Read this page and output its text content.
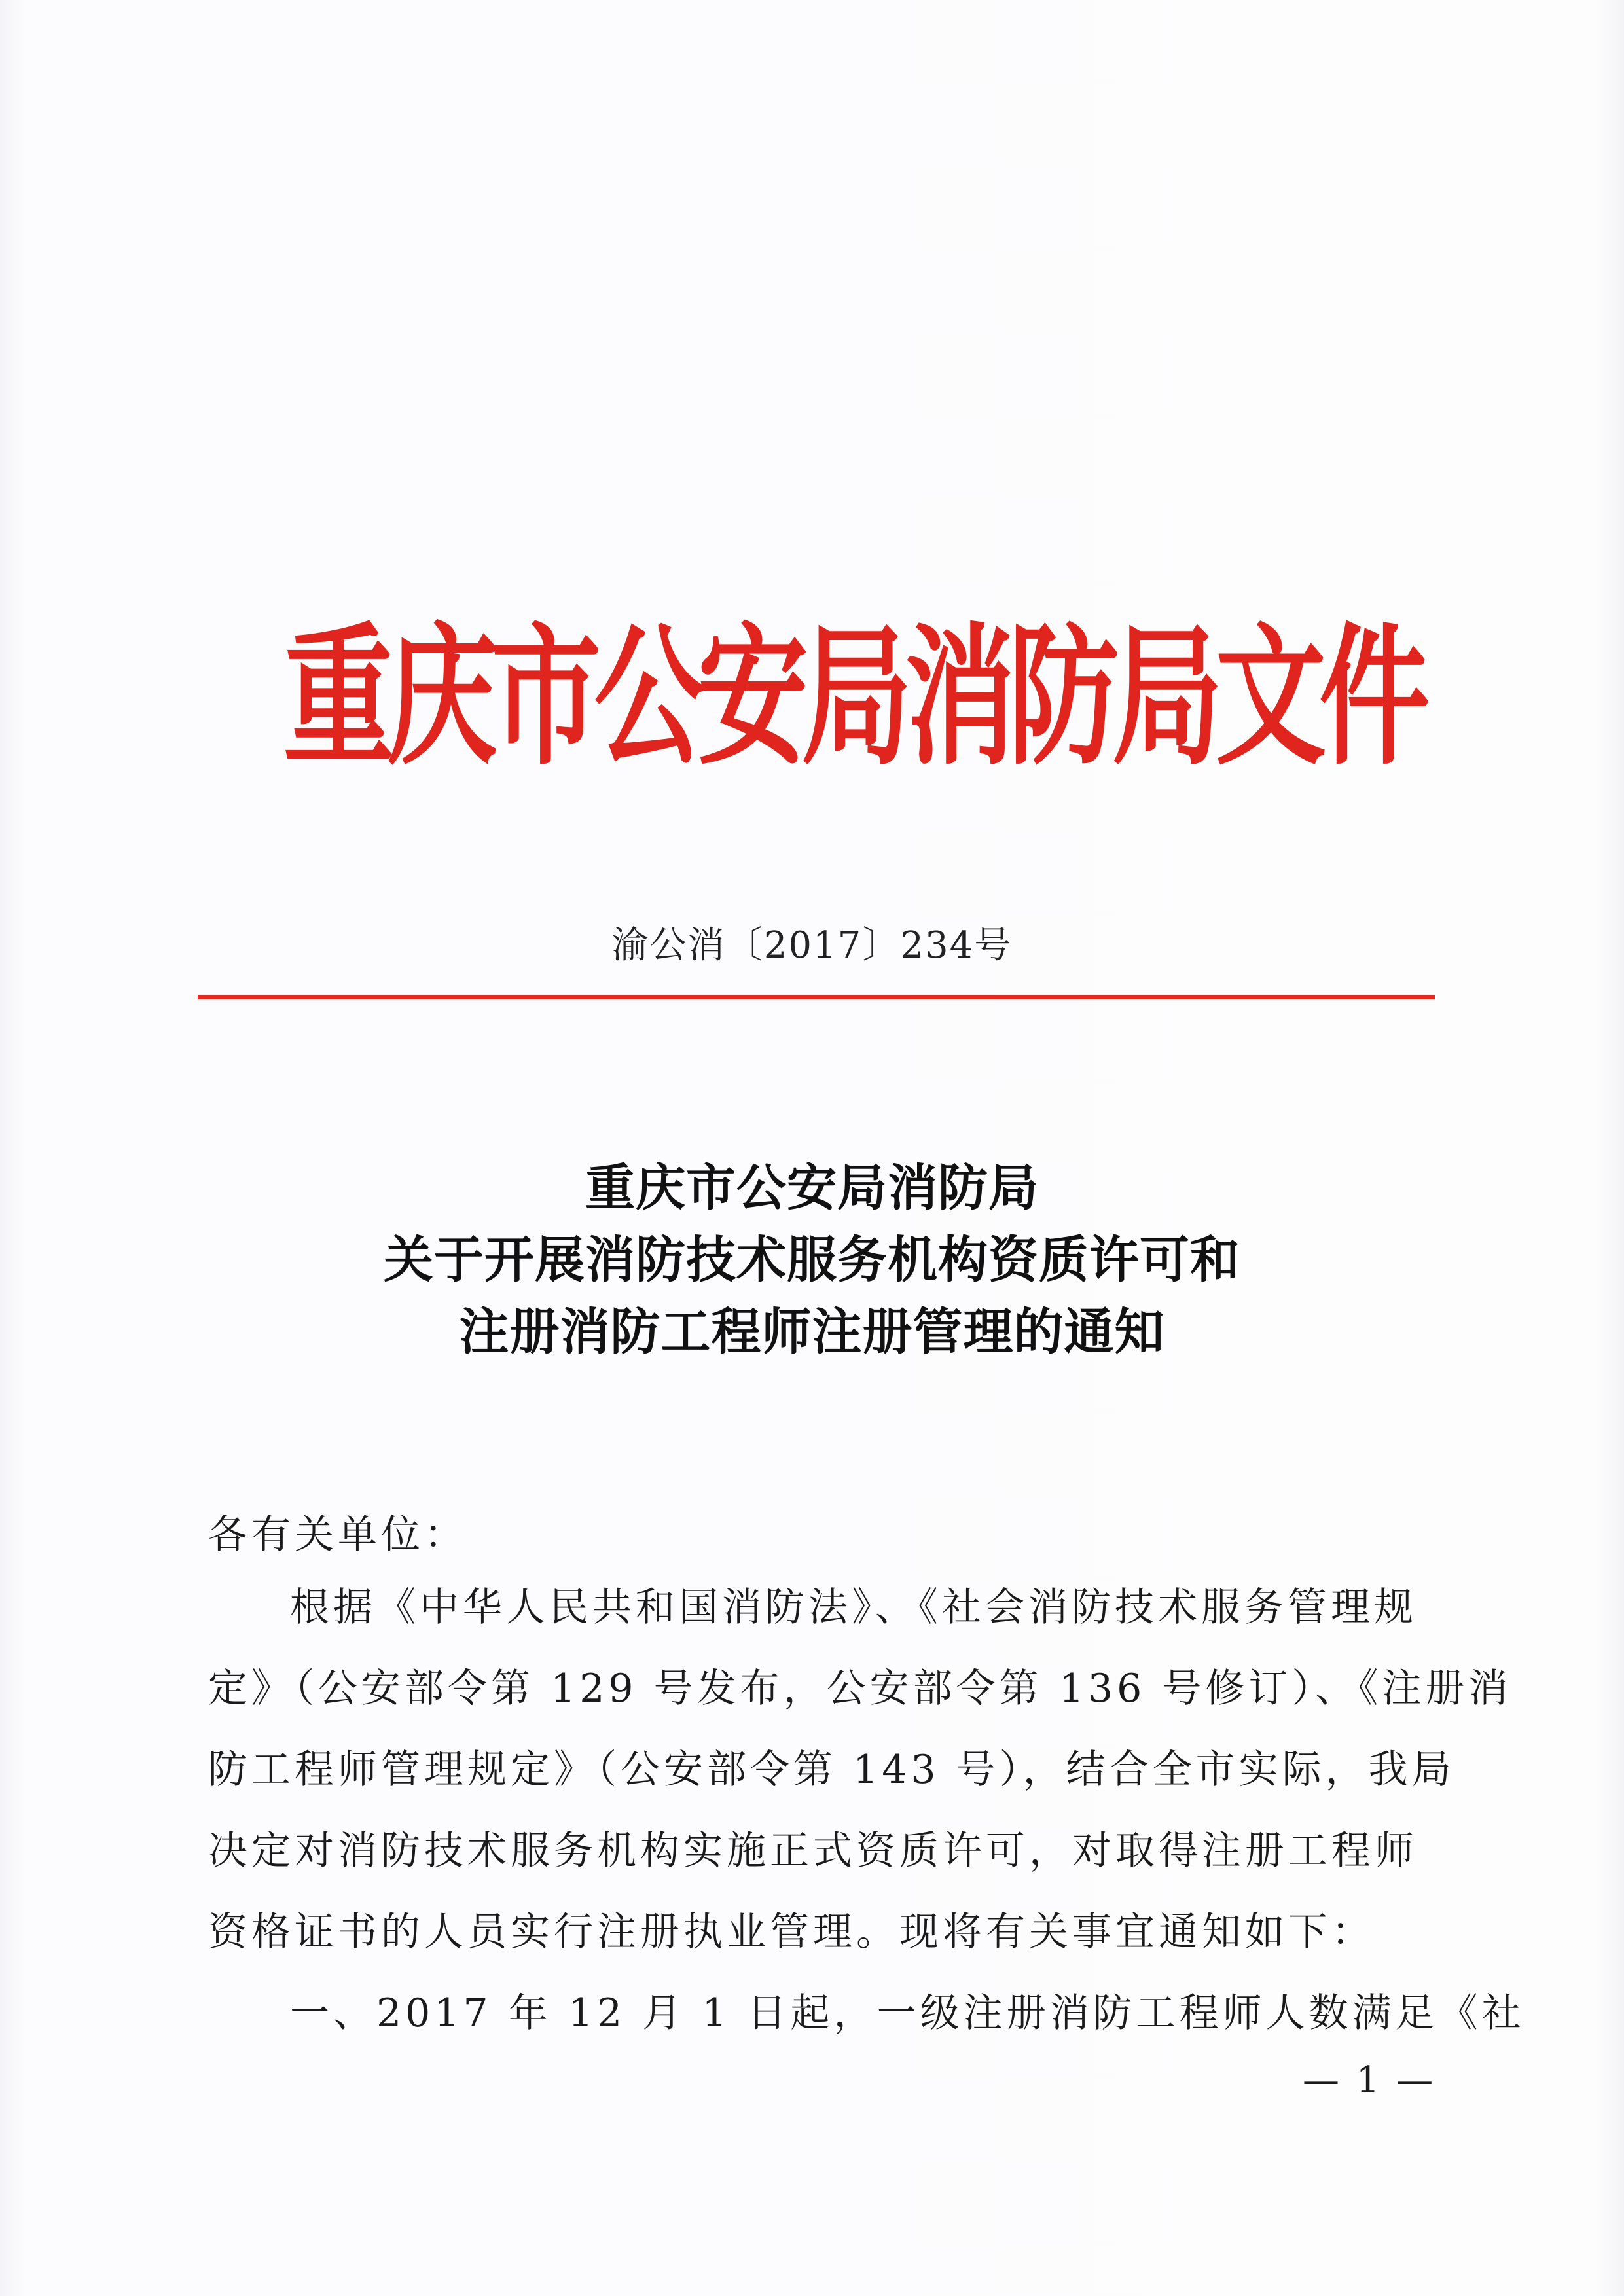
重庆市公安局消防局文件
渝公消〔2017〕234号
重庆市公安局消防局
关于开展消防技术服务机构资质许可和
注册消防工程师注册管理的通知
各有关单位：
根据《中华人民共和国消防法》、《社会消防技术服务管理规
定》（公安部令第 129 号发布，公安部令第 136 号修订）、《注册消
防工程师管理规定》（公安部令第 143 号），结合全市实际，我局
决定对消防技术服务机构实施正式资质许可，对取得注册工程师
资格证书的人员实行注册执业管理。现将有关事宜通知如下：
一、2017 年 12 月 1 日起，一级注册消防工程师人数满足《社
— 1 —
